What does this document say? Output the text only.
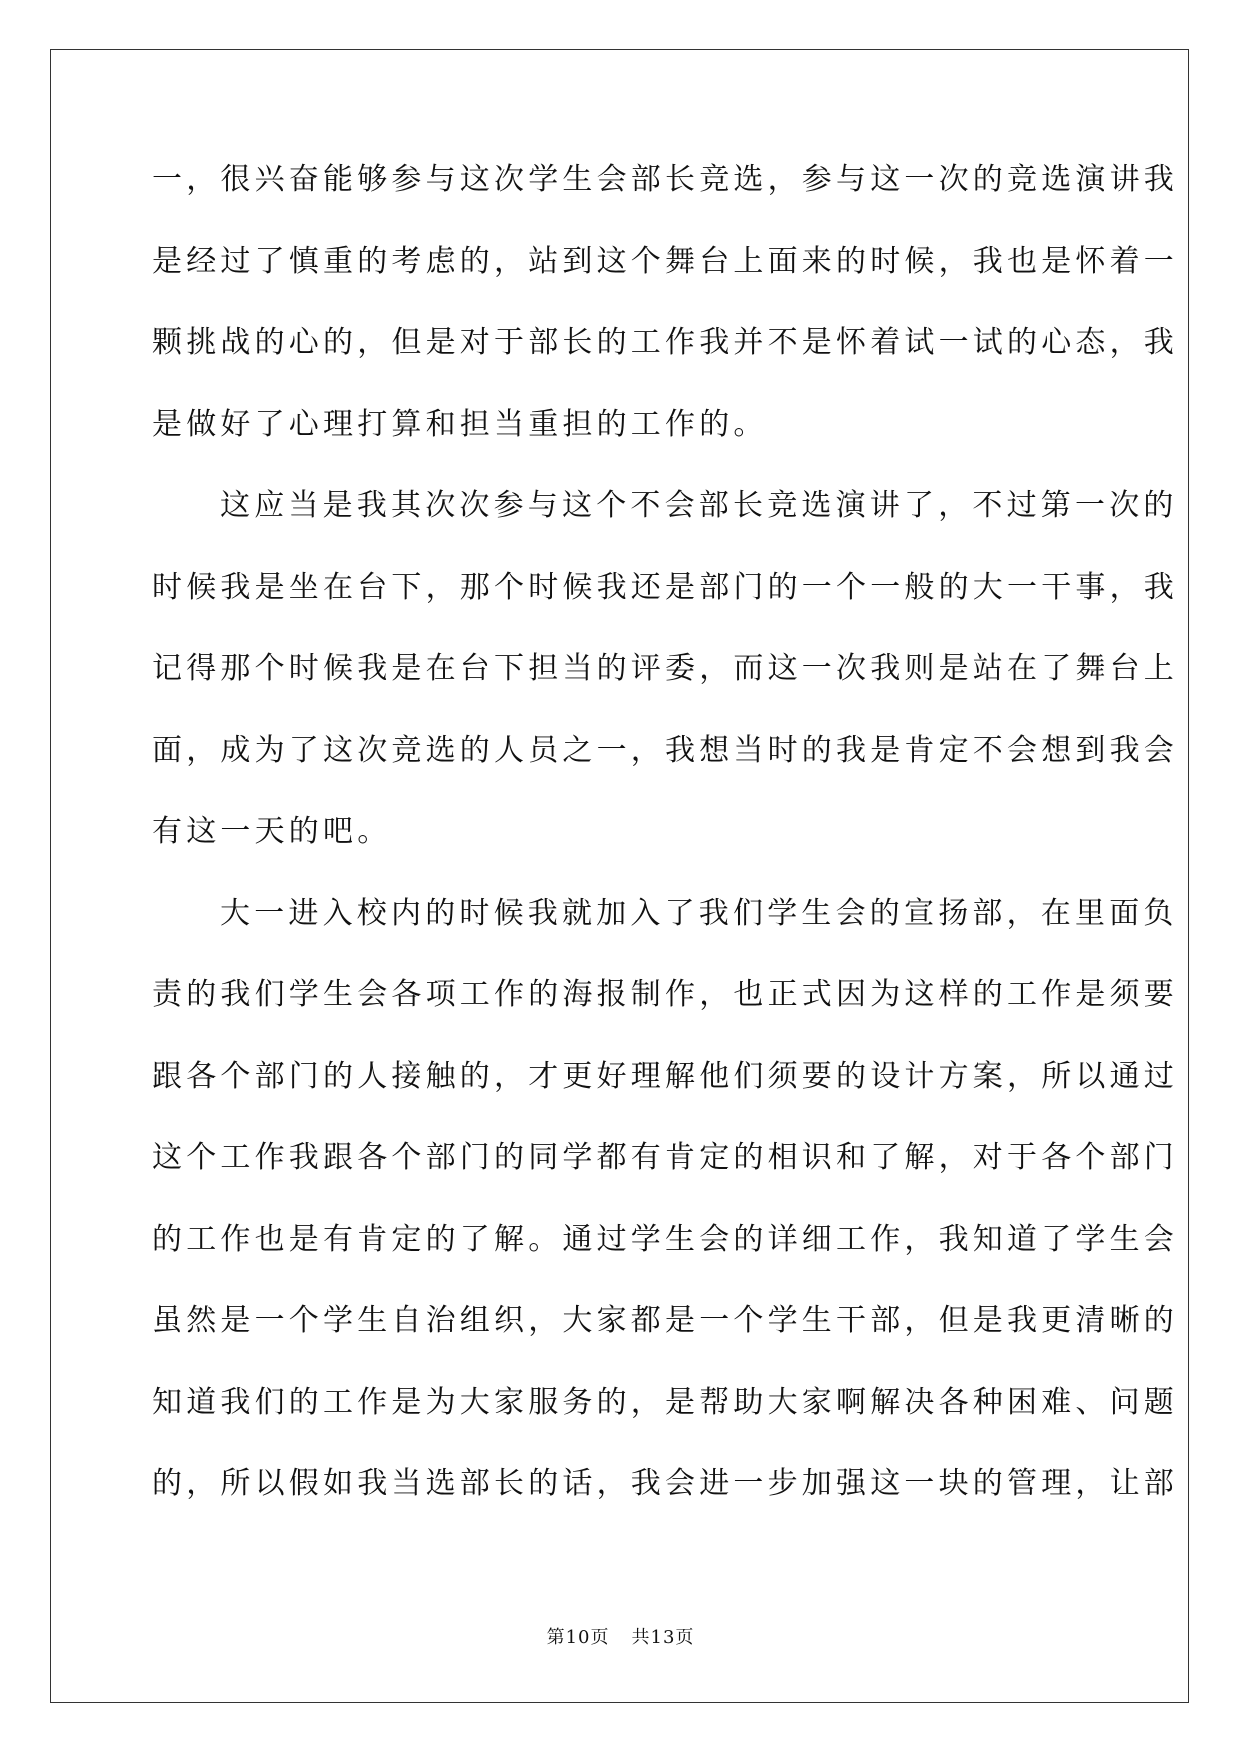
一，很兴奋能够参与这次学生会部长竞选，参与这一次的竞选演讲我
是经过了慎重的考虑的，站到这个舞台上面来的时候，我也是怀着一
颗挑战的心的，但是对于部长的工作我并不是怀着试一试的心态，我
是做好了心理打算和担当重担的工作的。
这应当是我其次次参与这个不会部长竞选演讲了，不过第一次的
时候我是坐在台下，那个时候我还是部门的一个一般的大一干事，我
记得那个时候我是在台下担当的评委，而这一次我则是站在了舞台上
面，成为了这次竞选的人员之一，我想当时的我是肯定不会想到我会
有这一天的吧。
大一进入校内的时候我就加入了我们学生会的宣扬部，在里面负
责的我们学生会各项工作的海报制作，也正式因为这样的工作是须要
跟各个部门的人接触的，才更好理解他们须要的设计方案，所以通过
这个工作我跟各个部门的同学都有肯定的相识和了解，对于各个部门
的工作也是有肯定的了解。通过学生会的详细工作，我知道了学生会
虽然是一个学生自治组织，大家都是一个学生干部，但是我更清晰的
知道我们的工作是为大家服务的，是帮助大家啊解决各种困难、问题
的，所以假如我当选部长的话，我会进一步加强这一块的管理，让部
第10页 共13页
